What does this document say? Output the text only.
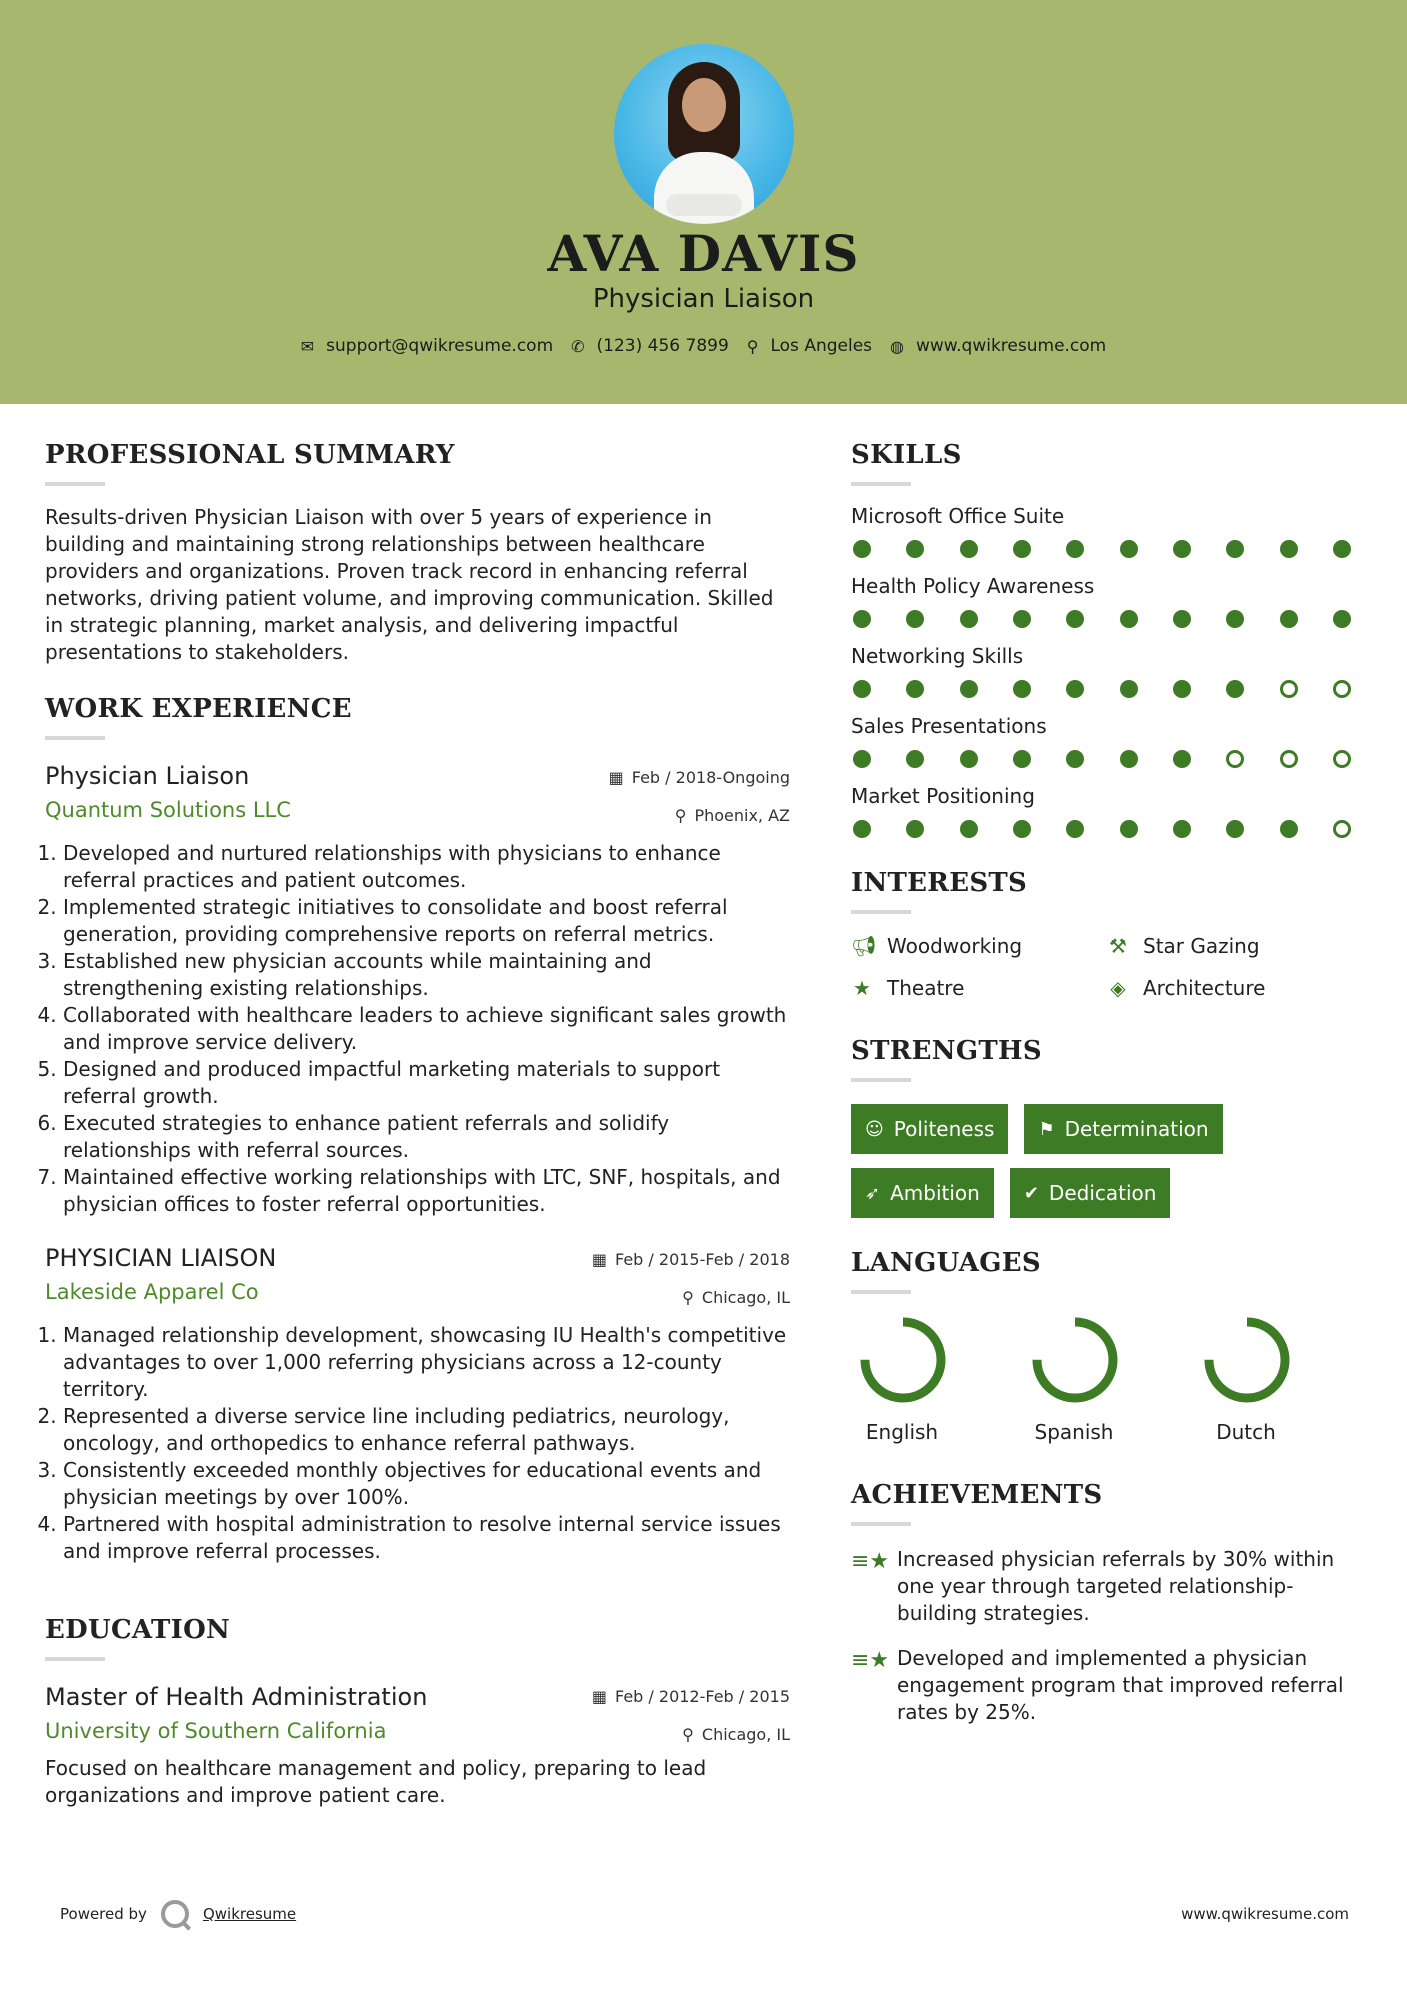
AVA DAVIS
Physician Liaison
✉ support@qwikresume.com ✆ (123) 456 7899 ⚲ Los Angeles ◍ www.qwikresume.com
PROFESSIONAL SUMMARY
Results-driven Physician Liaison with over 5 years of experience in building and maintaining strong relationships between healthcare providers and organizations. Proven track record in enhancing referral networks, driving patient volume, and improving communication. Skilled in strategic planning, market analysis, and delivering impactful presentations to stakeholders.
WORK EXPERIENCE
▦ Feb / 2018-Ongoing
⚲ Phoenix, AZ
Physician Liaison
Quantum Solutions LLC
1. Developed and nurtured relationships with physicians to enhance referral practices and patient outcomes.
2. Implemented strategic initiatives to consolidate and boost referral generation, providing comprehensive reports on referral metrics.
3. Established new physician accounts while maintaining and strengthening existing relationships.
4. Collaborated with healthcare leaders to achieve significant sales growth and improve service delivery.
5. Designed and produced impactful marketing materials to support referral growth.
6. Executed strategies to enhance patient referrals and solidify relationships with referral sources.
7. Maintained effective working relationships with LTC, SNF, hospitals, and physician offices to foster referral opportunities.
▦ Feb / 2015-Feb / 2018
⚲ Chicago, IL
PHYSICIAN LIAISON
Lakeside Apparel Co
1. Managed relationship development, showcasing IU Health's competitive advantages to over 1,000 referring physicians across a 12-county territory.
2. Represented a diverse service line including pediatrics, neurology, oncology, and orthopedics to enhance referral pathways.
3. Consistently exceeded monthly objectives for educational events and physician meetings by over 100%.
4. Partnered with hospital administration to resolve internal service issues and improve referral processes.
EDUCATION
▦ Feb / 2012-Feb / 2015
⚲ Chicago, IL
Master of Health Administration
University of Southern California
Focused on healthcare management and policy, preparing to lead organizations and improve patient care.
SKILLS
Microsoft Office Suite
Health Policy Awareness
Networking Skills
Sales Presentations
Market Positioning
INTERESTS
📢︎ Woodworking	⚒ Star Gazing
★ Theatre	◈ Architecture
STRENGTHS
☺ Politeness ⚑ Determination
➶ Ambition ✔ Dedication
LANGUAGES
English	Spanish	Dutch
ACHIEVEMENTS
≡★ Increased physician referrals by 30% within one year through targeted relationship-building strategies.
≡★ Developed and implemented a physician engagement program that improved referral rates by 25%.
Powered by	Qwikresume	www.qwikresume.com
